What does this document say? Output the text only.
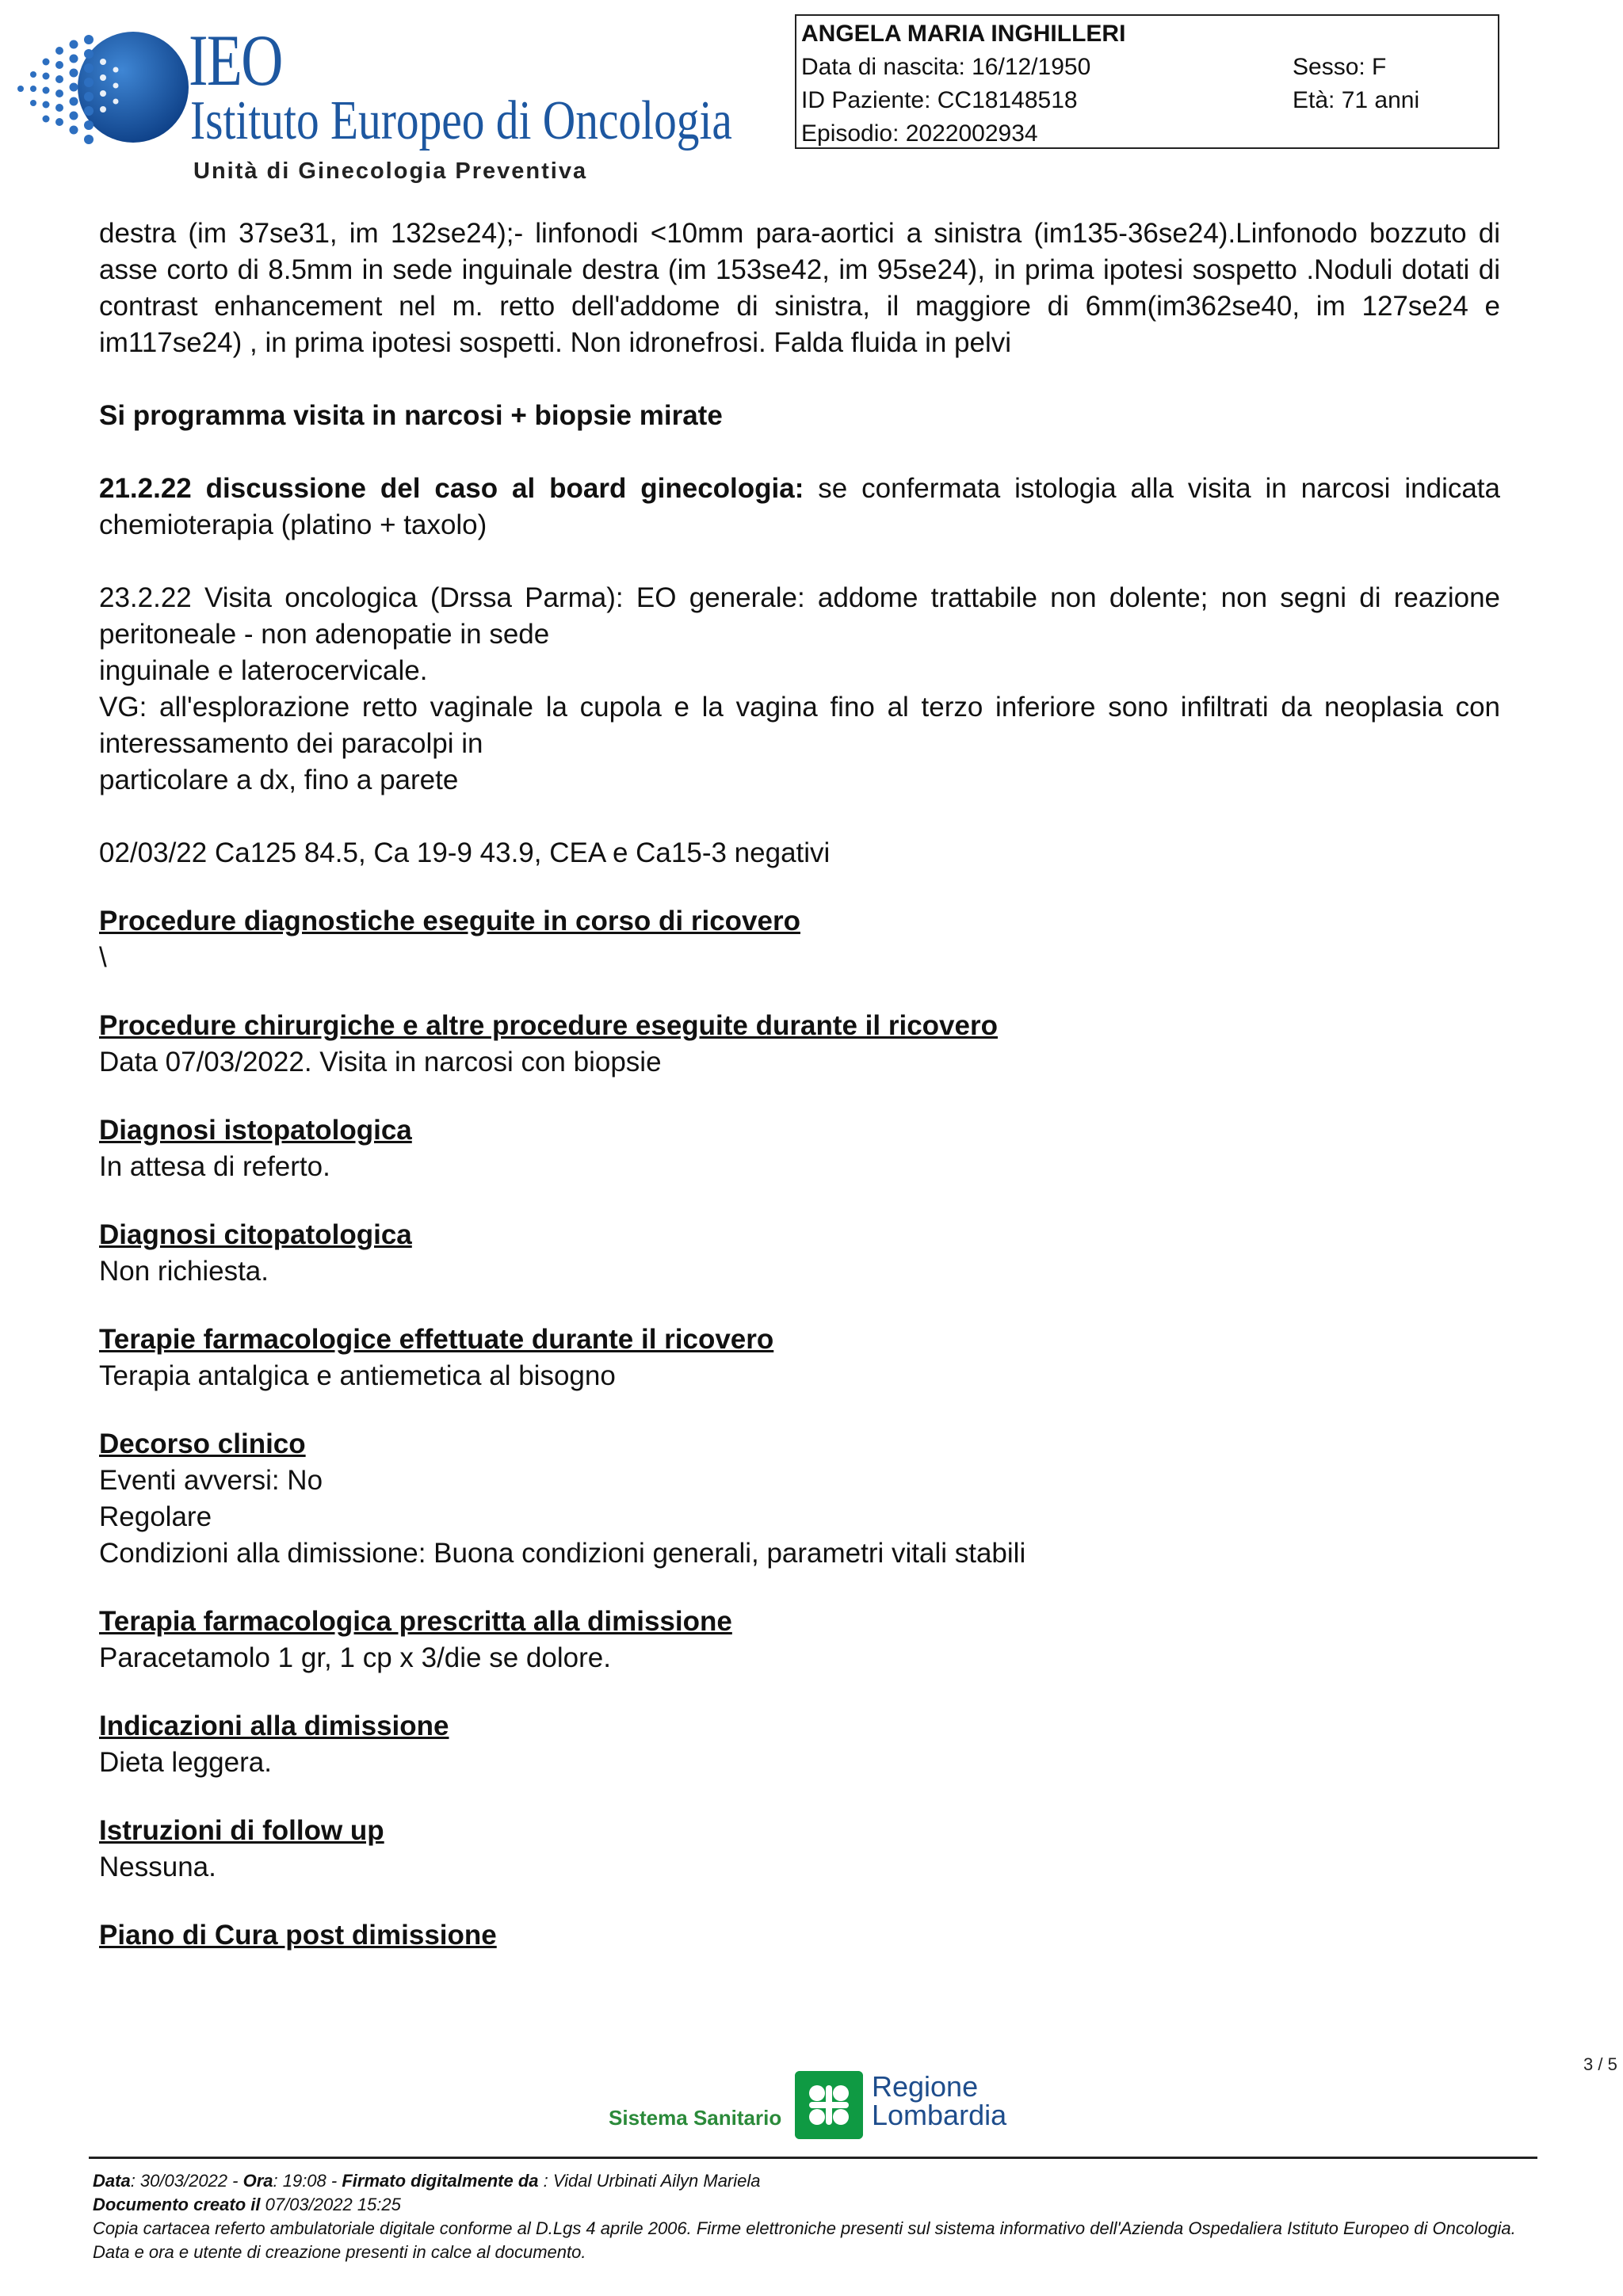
IEO
Istituto Europeo di Oncologia
Unità di Ginecologia Preventiva
ANGELA MARIA INGHILLERI
Data di nascita: 16/12/1950	Sesso: F
ID Paziente: CC18148518	Età: 71 anni
Episodio: 2022002934

destra (im 37se31, im 132se24);- linfonodi <10mm para-aortici a sinistra (im135-36se24).Linfonodo bozzuto di asse corto di 8.5mm in sede inguinale destra (im 153se42, im 95se24), in prima ipotesi sospetto .Noduli dotati di contrast enhancement nel m. retto dell'addome di sinistra, il maggiore di 6mm(im362se40, im 127se24 e im117se24) , in prima ipotesi sospetti. Non idronefrosi. Falda fluida in pelvi

Si programma visita in narcosi + biopsie mirate

21.2.22 discussione del caso al board ginecologia: se confermata istologia alla visita in narcosi indicata chemioterapia (platino + taxolo)

23.2.22 Visita oncologica (Drssa Parma): EO generale: addome trattabile non dolente; non segni di reazione peritoneale - non adenopatie in sede

inguinale e laterocervicale.

VG: all'esplorazione retto vaginale la cupola e la vagina fino al terzo inferiore sono infiltrati da neoplasia con interessamento dei paracolpi in

particolare a dx, fino a parete

02/03/22 Ca125 84.5, Ca 19-9 43.9, CEA e Ca15-3 negativi

Procedure diagnostiche eseguite in corso di ricovero

\

Procedure chirurgiche e altre procedure eseguite durante il ricovero

Data 07/03/2022. Visita in narcosi con biopsie

Diagnosi istopatologica

In attesa di referto.

Diagnosi citopatologica

Non richiesta.

Terapie farmacologice effettuate durante il ricovero

Terapia antalgica e antiemetica al bisogno

Decorso clinico

Eventi avversi: No

Regolare

Condizioni alla dimissione: Buona condizioni generali, parametri vitali stabili

Terapia farmacologica prescritta alla dimissione

Paracetamolo 1 gr, 1 cp x 3/die se dolore.

Indicazioni alla dimissione

Dieta leggera.

Istruzioni di follow up

Nessuna.

Piano di Cura post dimissione

3 / 5
Sistema Sanitario
Regione
Lombardia

Data: 30/03/2022 - Ora: 19:08 - Firmato digitalmente da : Vidal Urbinati Ailyn Mariela

Documento creato il 07/03/2022 15:25

Copia cartacea referto ambulatoriale digitale conforme al D.Lgs 4 aprile 2006. Firme elettroniche presenti sul sistema informativo dell'Azienda Ospedaliera Istituto Europeo di Oncologia. Data e ora e utente di creazione presenti in calce al documento.
